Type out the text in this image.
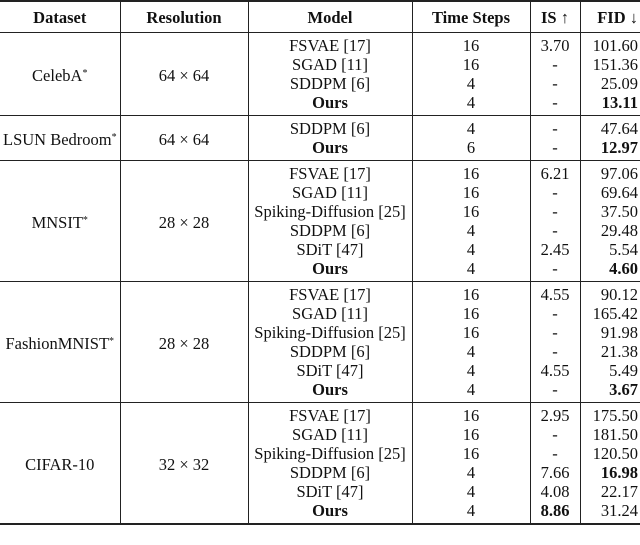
Dataset	Resolution	Model	Time Steps	IS ↑	FID ↓
CelebA*	64 × 64	FSVAE [17]	16	3.70	101.60
		SGAD [11]	16	-	151.36
		SDDPM [6]	4	-	25.09
		Ours	4	-	13.11
LSUN Bedroom*	64 × 64	SDDPM [6]	4	-	47.64
		Ours	6	-	12.97
MNSIT*	28 × 28	FSVAE [17]	16	6.21	97.06
		SGAD [11]	16	-	69.64
		Spiking-Diffusion [25]	16	-	37.50
		SDDPM [6]	4	-	29.48
		SDiT [47]	4	2.45	5.54
		Ours	4	-	4.60
FashionMNIST*	28 × 28	FSVAE [17]	16	4.55	90.12
		SGAD [11]	16	-	165.42
		Spiking-Diffusion [25]	16	-	91.98
		SDDPM [6]	4	-	21.38
		SDiT [47]	4	4.55	5.49
		Ours	4	-	3.67
CIFAR-10	32 × 32	FSVAE [17]	16	2.95	175.50
		SGAD [11]	16	-	181.50
		Spiking-Diffusion [25]	16	-	120.50
		SDDPM [6]	4	7.66	16.98
		SDiT [47]	4	4.08	22.17
		Ours	4	8.86	31.24
